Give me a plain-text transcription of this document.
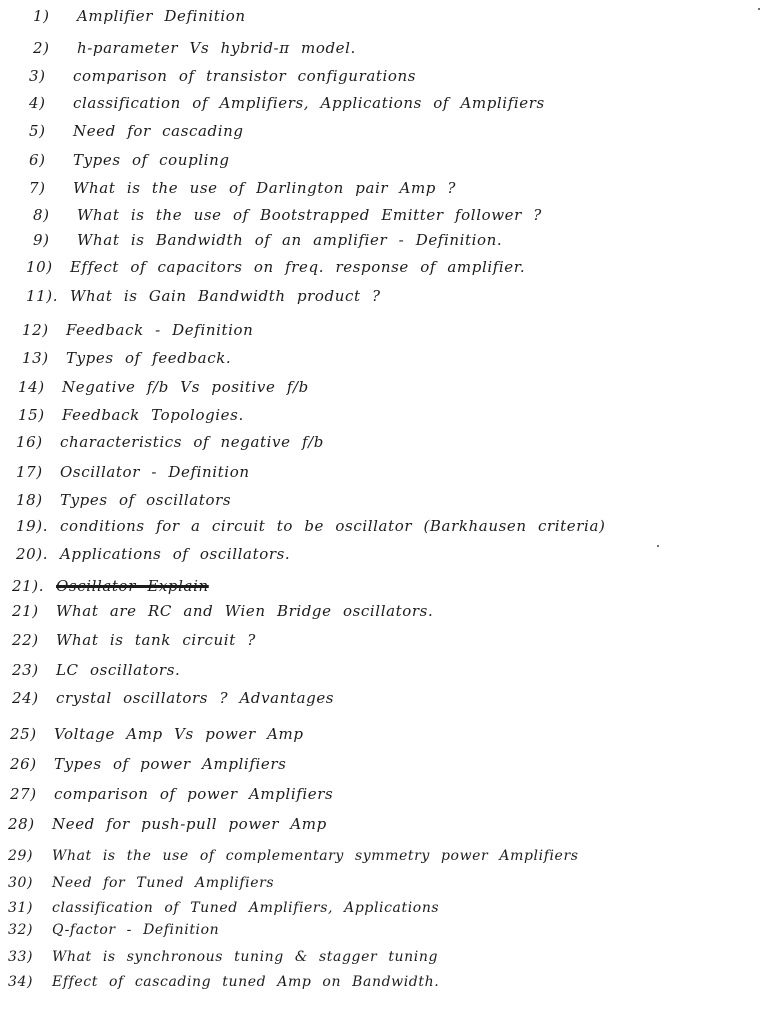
1) Amplifier Definition
2) h-parameter Vs hybrid-π model.
3) comparison of transistor configurations
4) classification of Amplifiers, Applications of Amplifiers
5) Need for cascading
6) Types of coupling
7) What is the use of Darlington pair Amp ?
8) What is the use of Bootstrapped Emitter follower ?
9) What is Bandwidth of an amplifier - Definition.
10) Effect of capacitors on freq. response of amplifier.
11). What is Gain Bandwidth product ?
12) Feedback - Definition
13) Types of feedback.
14) Negative f/b Vs positive f/b
15) Feedback Topologies.
16) characteristics of negative f/b
17) Oscillator - Definition
18) Types of oscillators
19). conditions for a circuit to be oscillator (Barkhausen criteria)
20). Applications of oscillators.
21). Oscillator Explain
21) What are RC and Wien Bridge oscillators.
22) What is tank circuit ?
23) LC oscillators.
24) crystal oscillators ? Advantages
25) Voltage Amp Vs power Amp
26) Types of power Amplifiers
27) comparison of power Amplifiers
28) Need for push-pull power Amp
29) What is the use of complementary symmetry power Amplifiers
30) Need for Tuned Amplifiers
31) classification of Tuned Amplifiers, Applications
32) Q-factor - Definition
33) What is synchronous tuning & stagger tuning
34) Effect of cascading tuned Amp on Bandwidth.
